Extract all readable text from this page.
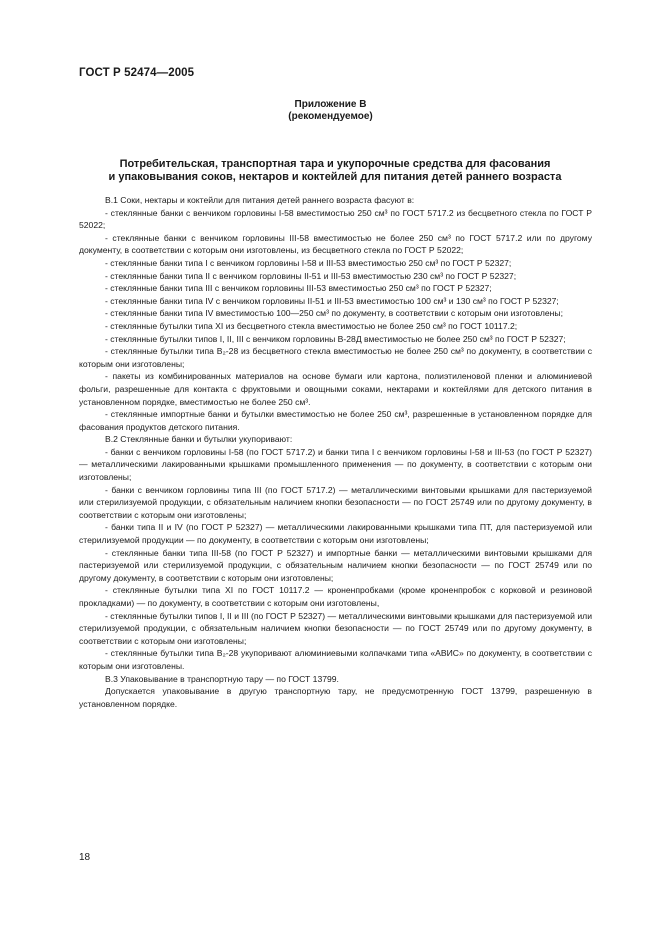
ГОСТ Р 52474—2005
Приложение В
(рекомендуемое)
Потребительская, транспортная тара и укупорочные средства для фасования
и упаковывания соков, нектаров и коктейлей для питания детей раннего возраста

В.1 Соки, нектары и коктейли для питания детей раннего возраста фасуют в:

- стеклянные банки с венчиком горловины I-58 вместимостью 250 см³ по ГОСТ 5717.2 из бесцветного стекла по ГОСТ Р 52022;

- стеклянные банки с венчиком горловины III-58 вместимостью не более 250 см³ по ГОСТ 5717.2 или по другому документу, в соответствии с которым они изготовлены, из бесцветного стекла по ГОСТ Р 52022;

- стеклянные банки типа I с венчиком горловины I-58 и III-53 вместимостью 250 см³ по ГОСТ Р 52327;

- стеклянные банки типа II с венчиком горловины II-51 и III-53 вместимостью 230 см³ по ГОСТ Р 52327;

- стеклянные банки типа III с венчиком горловины III-53 вместимостью 250 см³ по ГОСТ Р 52327;

- стеклянные банки типа IV с венчиком горловины II-51 и III-53 вместимостью 100 см³ и 130 см³ по ГОСТ Р 52327;

- стеклянные банки типа IV вместимостью 100—250 см³ по документу, в соответствии с которым они изготовлены;

- стеклянные бутылки типа XI из бесцветного стекла вместимостью не более 250 см³ по ГОСТ 10117.2;

- стеклянные бутылки типов I, II, III с венчиком горловины В-28Д вместимостью не более 250 см³ по ГОСТ Р 52327;

- стеклянные бутылки типа В₂-28 из бесцветного стекла вместимостью не более 250 см³ по документу, в соответствии с которым они изготовлены;

- пакеты из комбинированных материалов на основе бумаги или картона, полиэтиленовой пленки и алюминиевой фольги, разрешенные для контакта с фруктовыми и овощными соками, нектарами и коктейлями для детского питания в установленном порядке, вместимостью не более 250 см³.

- стеклянные импортные банки и бутылки вместимостью не более 250 см³, разрешенные в установленном порядке для фасования продуктов детского питания.

В.2 Стеклянные банки и бутылки укупоривают:

- банки с венчиком горловины I-58 (по ГОСТ 5717.2) и банки типа I с венчиком горловины I-58 и III-53 (по ГОСТ Р 52327) — металлическими лакированными крышками промышленного применения — по документу, в соответствии с которым они изготовлены;

- банки с венчиком горловины типа III (по ГОСТ 5717.2) — металлическими винтовыми крышками для пастеризуемой или стерилизуемой продукции, с обязательным наличием кнопки безопасности — по ГОСТ 25749 или по другому документу, в соответствии с которым они изготовлены;

- банки типа II и IV (по ГОСТ Р 52327) — металлическими лакированными крышками типа ПТ, для пастеризуемой или стерилизуемой продукции — по документу, в соответствии с которым они изготовлены;

- стеклянные банки типа III-58 (по ГОСТ Р 52327) и импортные банки — металлическими винтовыми крышками для пастеризуемой или стерилизуемой продукции, с обязательным наличием кнопки безопасности — по ГОСТ 25749 или по другому документу, в соответствии с которым они изготовлены;

- стеклянные бутылки типа XI по ГОСТ 10117.2 — кроненпробками (кроме кроненпробок с корковой и резиновой прокладками) — по документу, в соответствии с которым они изготовлены,

- стеклянные бутылки типов I, II и III (по ГОСТ Р 52327) — металлическими винтовыми крышками для пастеризуемой или стерилизуемой продукции, с обязательным наличием кнопки безопасности — по ГОСТ 25749 или по другому документу, в соответствии с которым они изготовлены;

- стеклянные бутылки типа В₂-28 укупоривают алюминиевыми колпачками типа «АВИС» по документу, в соответствии с которым они изготовлены.

В.3 Упаковывание в транспортную тару — по ГОСТ 13799.

Допускается упаковывание в другую транспортную тару, не предусмотренную ГОСТ 13799, разрешенную в установленном порядке.

18
